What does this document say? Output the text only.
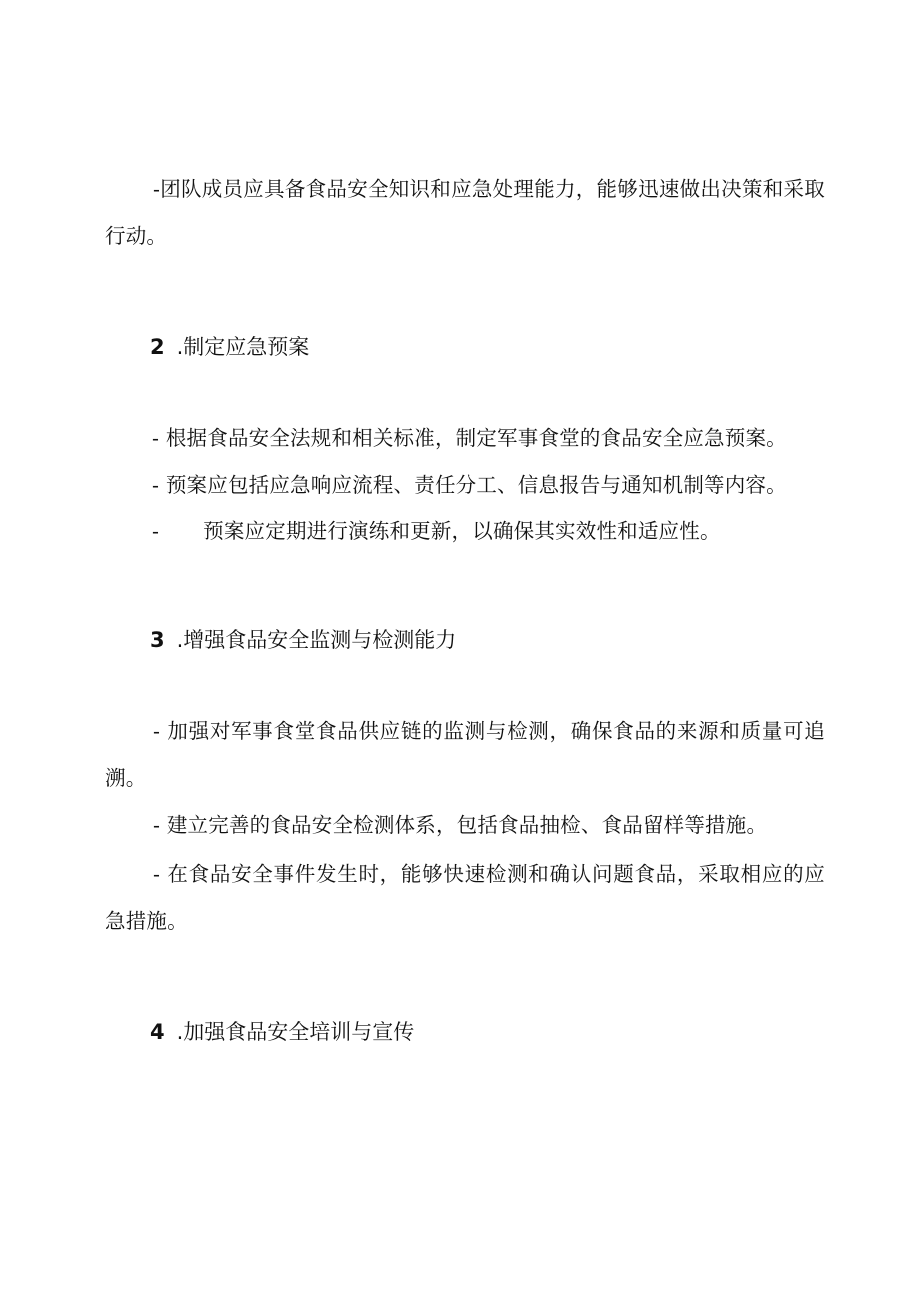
-团队成员应具备食品安全知识和应急处理能力，能够迅速做出决策和采取行动。

2 .制定应急预案

- 根据食品安全法规和相关标准，制定军事食堂的食品安全应急预案。

- 预案应包括应急响应流程、责任分工、信息报告与通知机制等内容。

- 预案应定期进行演练和更新，以确保其实效性和适应性。

3 .增强食品安全监测与检测能力

- 加强对军事食堂食品供应链的监测与检测，确保食品的来源和质量可追溯。

- 建立完善的食品安全检测体系，包括食品抽检、食品留样等措施。

- 在食品安全事件发生时，能够快速检测和确认问题食品，采取相应的应急措施。

4 .加强食品安全培训与宣传
